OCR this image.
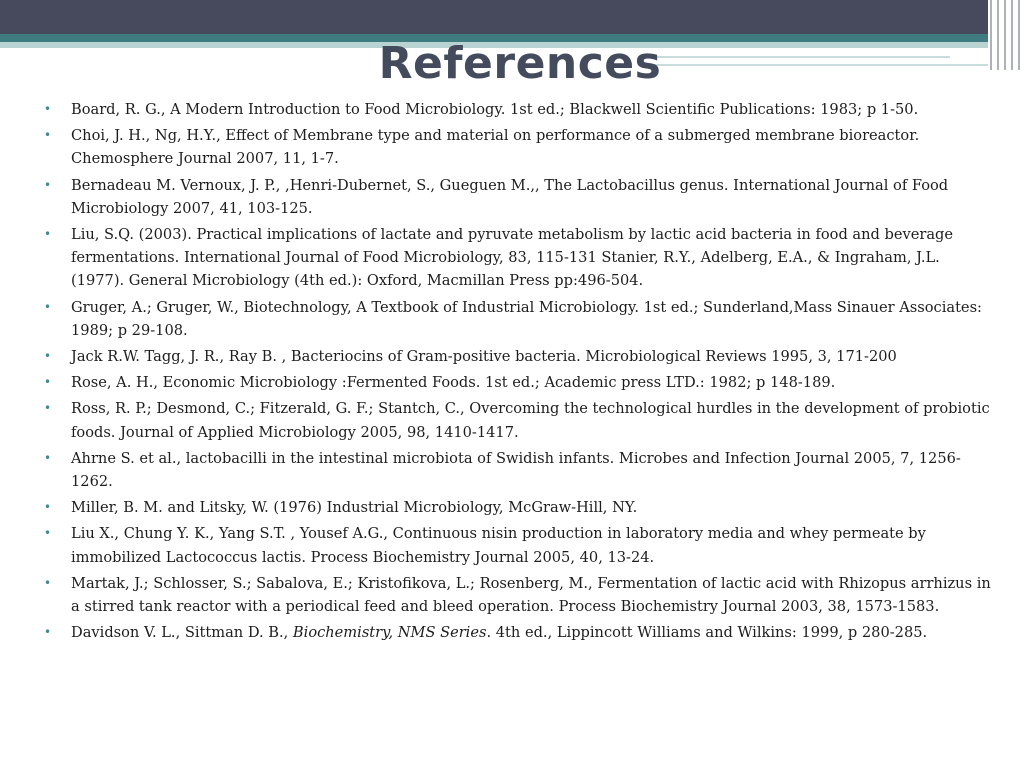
References
• Board, R. G., A Modern Introduction to Food Microbiology. 1st ed.; Blackwell Scientific Publications: 1983; p 1-50.
• Choi, J. H., Ng, H.Y., Effect of Membrane type and material on performance of a submerged membrane bioreactor. Chemosphere Journal 2007, 11, 1-7.
• Bernadeau M. Vernoux, J. P., ,Henri-Dubernet, S., Gueguen M.,, The Lactobacillus genus. International Journal of Food Microbiology 2007, 41, 103-125.
• Liu, S.Q. (2003). Practical implications of lactate and pyruvate metabolism by lactic acid bacteria in food and beverage fermentations. International Journal of Food Microbiology, 83, 115-131 Stanier, R.Y., Adelberg, E.A., & Ingraham, J.L. (1977). General Microbiology (4th ed.): Oxford, Macmillan Press pp:496-504.
• Gruger, A.; Gruger, W., Biotechnology, A Textbook of Industrial Microbiology. 1st ed.; Sunderland,Mass Sinauer Associates: 1989; p 29-108.
• Jack R.W. Tagg, J. R., Ray B. , Bacteriocins of Gram-positive bacteria. Microbiological Reviews 1995, 3, 171-200
• Rose, A. H., Economic Microbiology :Fermented Foods. 1st ed.; Academic press LTD.: 1982; p 148-189.
• Ross, R. P.; Desmond, C.; Fitzerald, G. F.; Stantch, C., Overcoming the technological hurdles in the development of probiotic foods. Journal of Applied Microbiology 2005, 98, 1410-1417.
• Ahrne S. et al., lactobacilli in the intestinal microbiota of Swidish infants. Microbes and Infection Journal 2005, 7, 1256-1262.
• Miller, B. M. and Litsky, W. (1976) Industrial Microbiology, McGraw-Hill, NY.
• Liu X., Chung Y. K., Yang S.T. , Yousef A.G., Continuous nisin production in laboratory media and whey permeate by immobilized Lactococcus lactis. Process Biochemistry Journal 2005, 40, 13-24.
• Martak, J.; Schlosser, S.; Sabalova, E.; Kristofikova, L.; Rosenberg, M., Fermentation of lactic acid with Rhizopus arrhizus in a stirred tank reactor with a periodical feed and bleed operation. Process Biochemistry Journal 2003, 38, 1573-1583.
• Davidson V. L., Sittman D. B., Biochemistry, NMS Series. 4th ed., Lippincott Williams and Wilkins: 1999, p 280-285.
